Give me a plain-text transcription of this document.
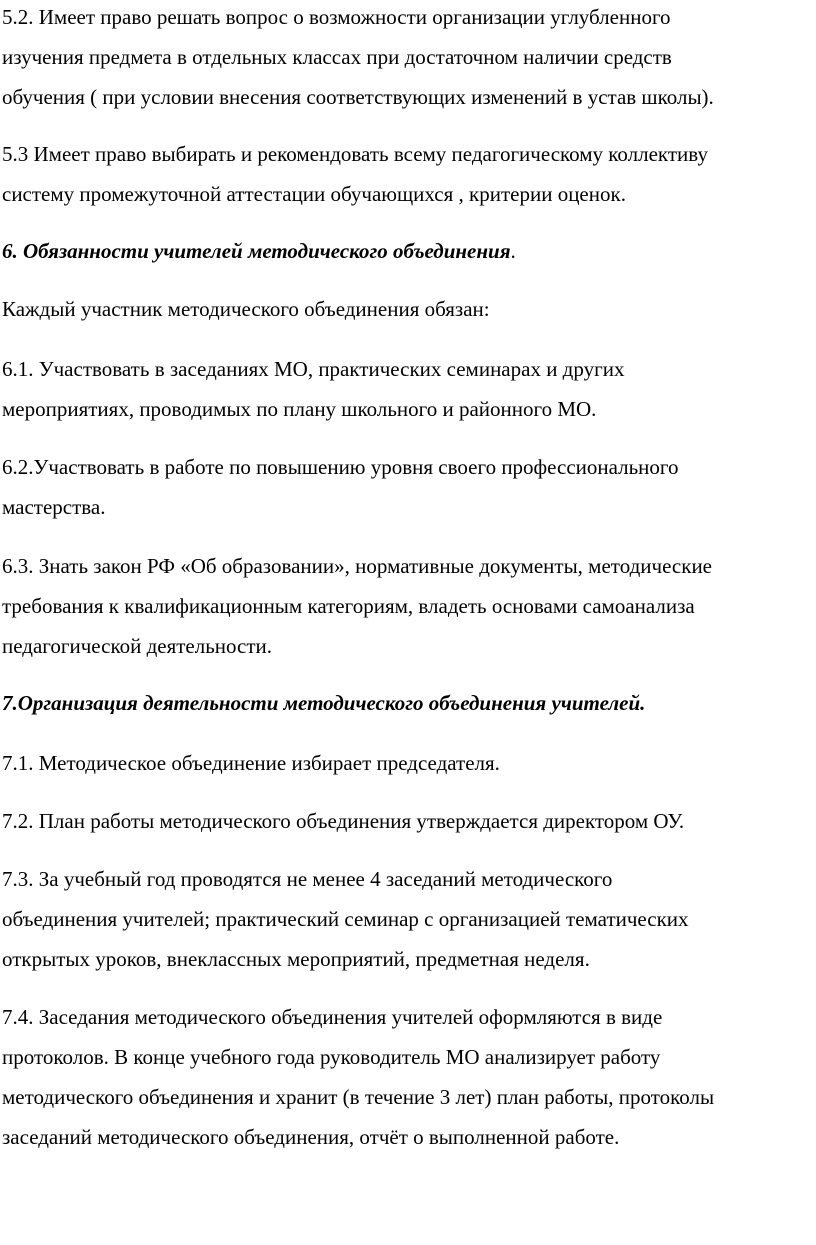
5.2. Имеет право решать вопрос о возможности организации углубленного
изучения предмета в отдельных классах при достаточном наличии средств
обучения ( при условии внесения соответствующих изменений в устав школы).
5.3 Имеет право выбирать и рекомендовать всему педагогическому коллективу
систему промежуточной аттестации обучающихся , критерии оценок.
6. Обязанности учителей методического объединения.
Каждый участник методического объединения обязан:
6.1. Участвовать в заседаниях МО, практических семинарах и других
мероприятиях, проводимых по плану школьного и районного МО.
6.2.Участвовать в работе по повышению уровня своего профессионального
мастерства.
6.3. Знать закон РФ «Об образовании», нормативные документы, методические
требования к квалификационным категориям, владеть основами самоанализа
педагогической деятельности.
7.Организация деятельности методического объединения учителей.
7.1. Методическое объединение избирает председателя.
7.2. План работы методического объединения утверждается директором ОУ.
7.3. За учебный год проводятся не менее 4 заседаний методического
объединения учителей; практический семинар с организацией тематических
открытых уроков, внеклассных мероприятий, предметная неделя.
7.4. Заседания методического объединения учителей оформляются в виде
протоколов. В конце учебного года руководитель МО анализирует работу
методического объединения и хранит (в течение 3 лет) план работы, протоколы
заседаний методического объединения, отчёт о выполненной работе.
